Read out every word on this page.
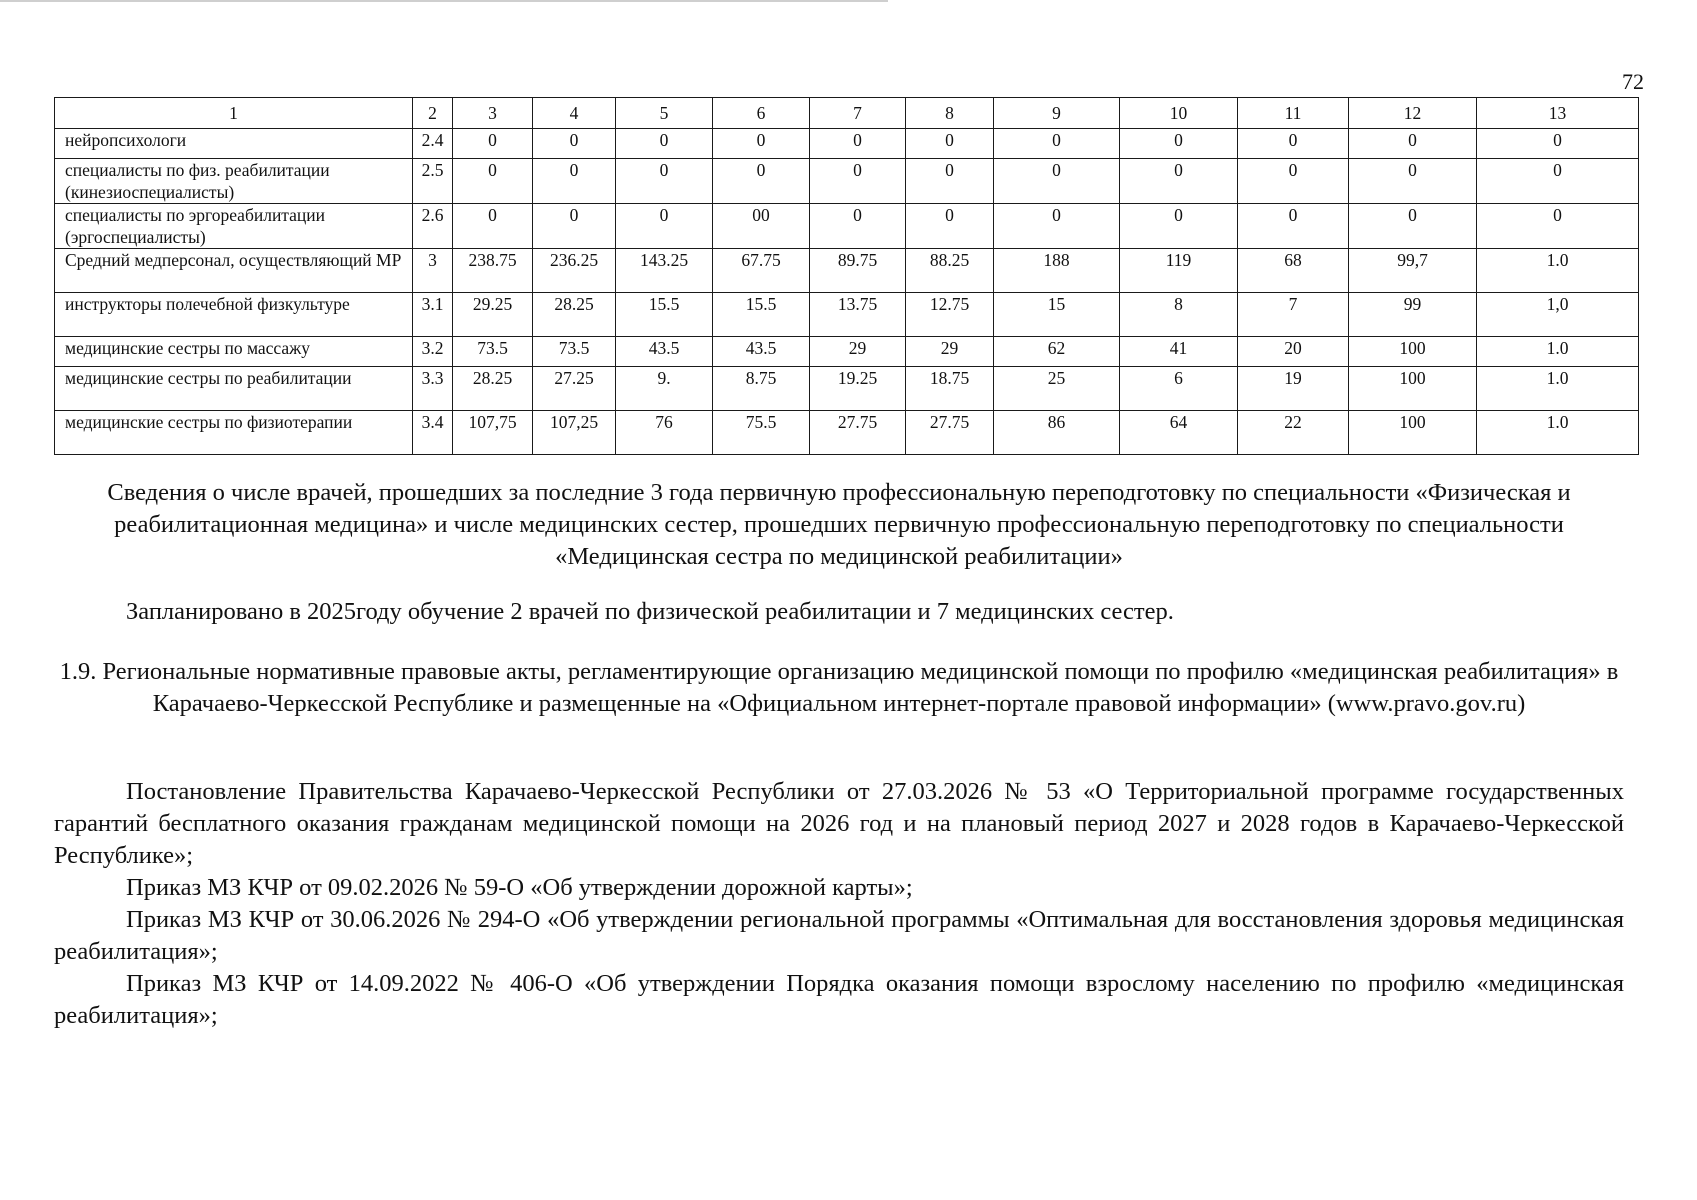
72
1	2	3	4	5	6	7	8	9	10	11	12	13
нейропсихологи	2.4	0	0	0	0	0	0	0	0	0	0	0
специалисты по физ. реабилитации (кинезиоспециалисты)	2.5	0	0	0	0	0	0	0	0	0	0	0
специалисты по эргореабилитации (эргоспециалисты)	2.6	0	0	0	00	0	0	0	0	0	0	0
Средний медперсонал, осуществляющий МР	3	238.75	236.25	143.25	67.75	89.75	88.25	188	119	68	99,7	1.0
инструкторы полечебной физкультуре	3.1	29.25	28.25	15.5	15.5	13.75	12.75	15	8	7	99	1,0
медицинские сестры по массажу	3.2	73.5	73.5	43.5	43.5	29	29	62	41	20	100	1.0
медицинские сестры по реабилитации	3.3	28.25	27.25	9.	8.75	19.25	18.75	25	6	19	100	1.0
медицинские сестры по физиотерапии	3.4	107,75	107,25	76	75.5	27.75	27.75	86	64	22	100	1.0
Сведения о числе врачей, прошедших за последние 3 года первичную профессиональную переподготовку по специальности «Физическая и реабилитационная медицина» и числе медицинских сестер, прошедших первичную профессиональную переподготовку по специальности «Медицинская сестра по медицинской реабилитации»
Запланировано в 2025году обучение 2 врачей по физической реабилитации и 7 медицинских сестер.
1.9. Региональные нормативные правовые акты, регламентирующие организацию медицинской помощи по профилю «медицинская реабилитация» в Карачаево-Черкесской Республике и размещенные на «Официальном интернет-портале правовой информации» (www.pravo.gov.ru)
Постановление Правительства Карачаево-Черкесской Республики от 27.03.2026 № 53 «О Территориальной программе государственных гарантий бесплатного оказания гражданам медицинской помощи на 2026 год и на плановый период 2027 и 2028 годов в Карачаево-Черкесской Республике»;
Приказ МЗ КЧР от 09.02.2026 № 59-О «Об утверждении дорожной карты»;
Приказ МЗ КЧР от 30.06.2026 № 294-О «Об утверждении региональной программы «Оптимальная для восстановления здоровья медицинская реабилитация»;
Приказ МЗ КЧР от 14.09.2022 № 406-О «Об утверждении Порядка оказания помощи взрослому населению по профилю «медицинская реабилитация»;
